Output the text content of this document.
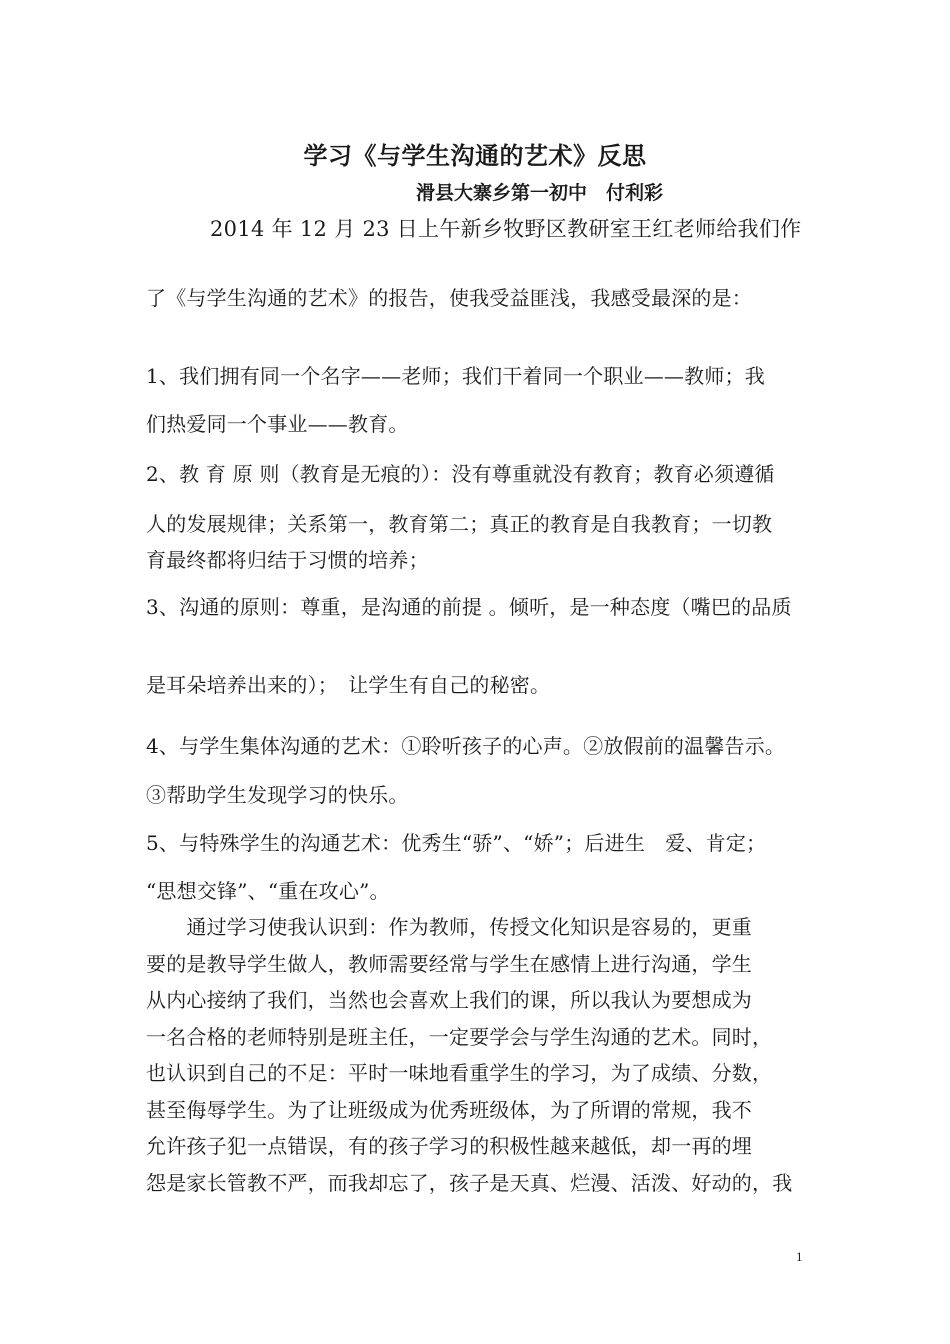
学习《与学生沟通的艺术》反思
滑县大寨乡第一初中　付利彩
2014 年 12 月 23 日上午新乡牧野区教研室王红老师给我们作
了《与学生沟通的艺术》的报告，使我受益匪浅，我感受最深的是：
1、我们拥有同一个名字——老师；我们干着同一个职业——教师；我
们热爱同一个事业——教育。
2、教 育 原 则（教育是无痕的）：没有尊重就没有教育；教育必须遵循
人的发展规律；关系第一，教育第二；真正的教育是自我教育；一切教
育最终都将归结于习惯的培养；
3、沟通的原则：尊重，是沟通的前提 。倾听，是一种态度（嘴巴的品质
是耳朵培养出来的）；　让学生有自己的秘密。
4、与学生集体沟通的艺术：①聆听孩子的心声。②放假前的温馨告示。
③帮助学生发现学习的快乐。
5、与特殊学生的沟通艺术：优秀生“骄”、“娇”；后进生　爱、肯定；
“思想交锋”、“重在攻心”。
　　通过学习使我认识到：作为教师，传授文化知识是容易的，更重
要的是教导学生做人，教师需要经常与学生在感情上进行沟通，学生
从内心接纳了我们，当然也会喜欢上我们的课，所以我认为要想成为
一名合格的老师特别是班主任，一定要学会与学生沟通的艺术。同时，
也认识到自己的不足：平时一味地看重学生的学习，为了成绩、分数，
甚至侮辱学生。为了让班级成为优秀班级体，为了所谓的常规，我不
允许孩子犯一点错误，有的孩子学习的积极性越来越低，却一再的埋
怨是家长管教不严，而我却忘了，孩子是天真、烂漫、活泼、好动的，我
1
